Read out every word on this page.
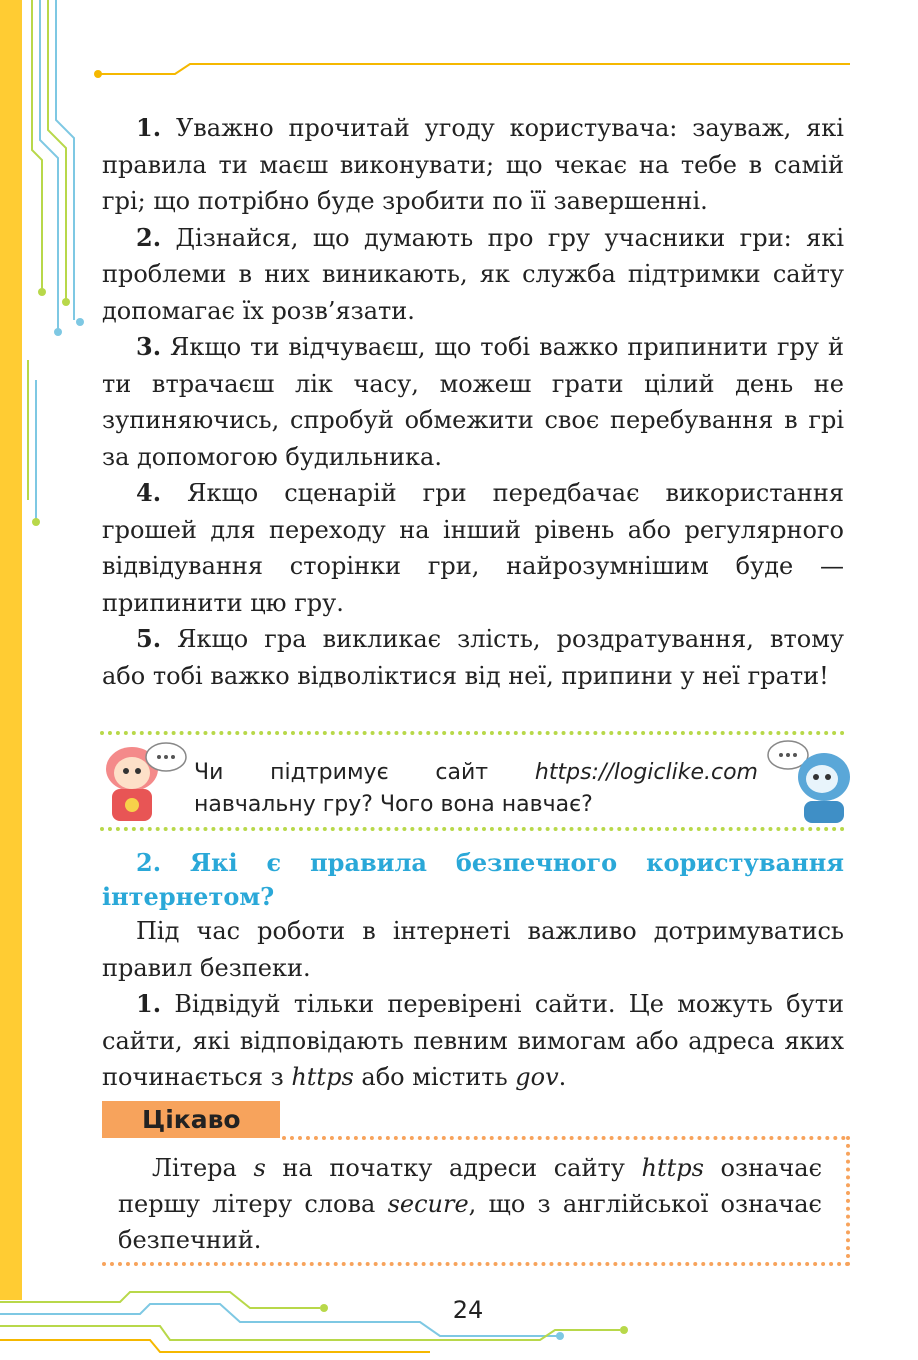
1. Уважно прочитай угоду користувача: зауваж, які правила ти маєш виконувати; що чекає на тебе в самій грі; що потрібно буде зробити по її завершенні.

2. Дізнайся, що думають про гру учасники гри: які проблеми в них виникають, як служба підтримки сайту допомагає їх розв’язати.

3. Якщо ти відчуваєш, що тобі важко припинити гру й ти втрачаєш лік часу, можеш грати цілий день не зупиняючись, спробуй обмежити своє перебування в грі за допомогою будильника.

4. Якщо сценарій гри передбачає використання грошей для переходу на інший рівень або регулярного відвідування сторінки гри, найрозумнішим буде — припинити цю гру.

5. Якщо гра викликає злість, роздратування, втому або тобі важко відволіктися від неї, припини у неї грати!

Чи підтримує сайт https://logiclike.com навчальну гру? Чого вона навчає?
2. Які є правила безпечного користування інтернетом?

Під час роботи в інтернеті важливо дотримуватись правил безпеки.

1. Відвідуй тільки перевірені сайти. Це можуть бути сайти, які відповідають певним вимогам або адреса яких починається з https або містить gov.

Цікаво
Літера s на початку адреси сайту https означає першу літеру слова secure, що з англійської означає безпечний.
24
